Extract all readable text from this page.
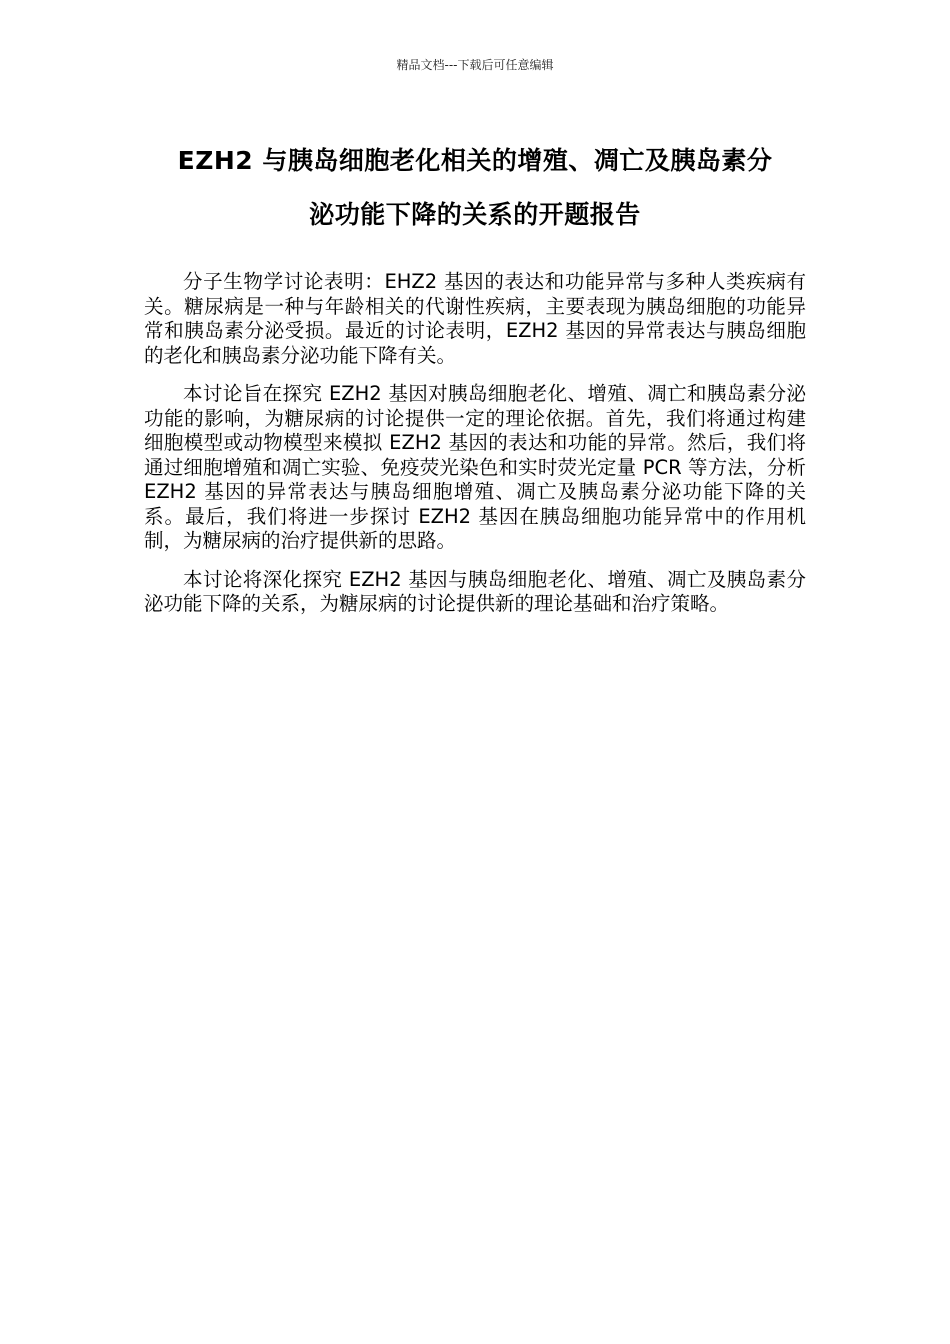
精品文档---下载后可任意编辑
EZH2 与胰岛细胞老化相关的增殖、凋亡及胰岛素分
泌功能下降的关系的开题报告

分子生物学讨论表明：EHZ2 基因的表达和功能异常与多种人类疾病有关。糖尿病是一种与年龄相关的代谢性疾病，主要表现为胰岛细胞的功能异常和胰岛素分泌受损。最近的讨论表明，EZH2 基因的异常表达与胰岛细胞的老化和胰岛素分泌功能下降有关。

本讨论旨在探究 EZH2 基因对胰岛细胞老化、增殖、凋亡和胰岛素分泌功能的影响，为糖尿病的讨论提供一定的理论依据。首先，我们将通过构建细胞模型或动物模型来模拟 EZH2 基因的表达和功能的异常。然后，我们将通过细胞增殖和凋亡实验、免疫荧光染色和实时荧光定量 PCR 等方法，分析 EZH2 基因的异常表达与胰岛细胞增殖、凋亡及胰岛素分泌功能下降的关系。最后，我们将进一步探讨 EZH2 基因在胰岛细胞功能异常中的作用机制，为糖尿病的治疗提供新的思路。

本讨论将深化探究 EZH2 基因与胰岛细胞老化、增殖、凋亡及胰岛素分泌功能下降的关系，为糖尿病的讨论提供新的理论基础和治疗策略。
